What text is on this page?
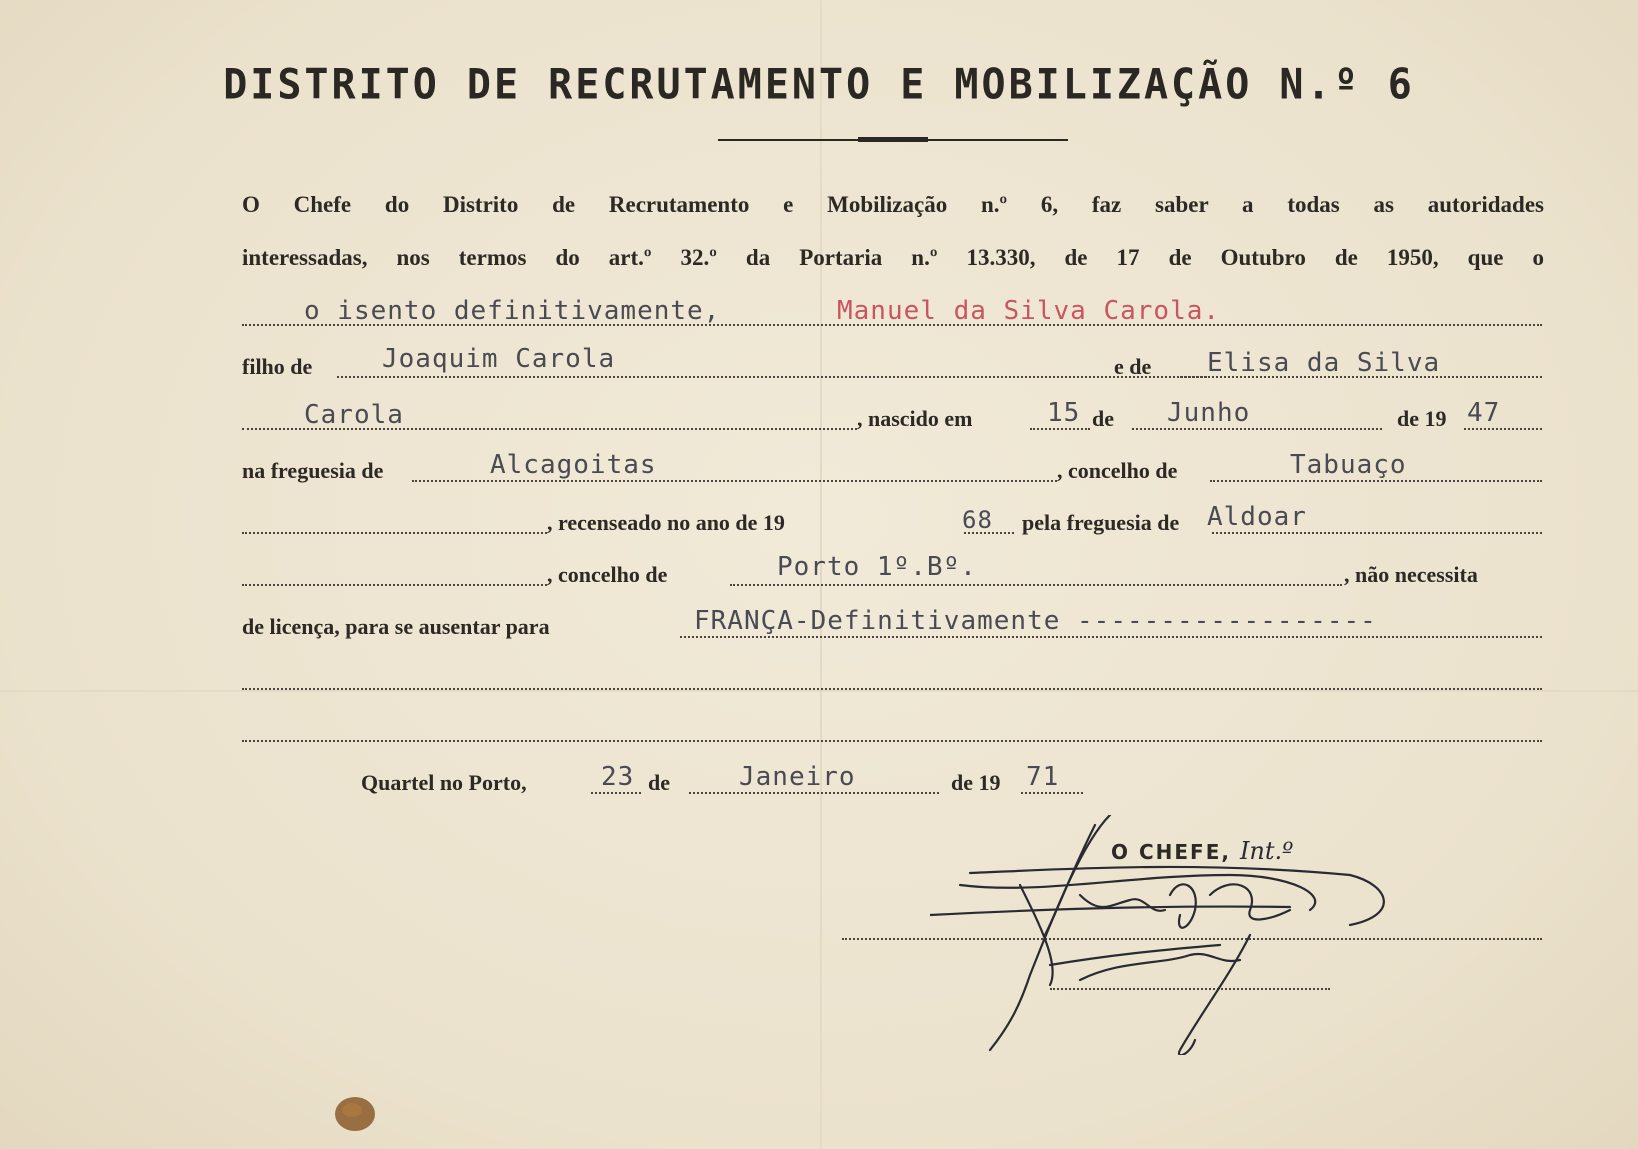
DISTRITO DE RECRUTAMENTO E MOBILIZAÇÃO N.º 6
O Chefe do Distrito de Recrutamento e Mobilização n.º 6, faz saber a todas as autoridades
interessadas, nos termos do art.º 32.º da Portaria n.º 13.330, de 17 de Outubro de 1950, que o
o isento definitivamente,	Manuel da Silva Carola.
filho de	Joaquim Carola	e de Elisa da Silva
Carola	, nascido em	15 de Junho	de 19 47
na freguesia de	Alcagoitas	, concelho de	Tabuaço
, recenseado no ano de 19	68 pela freguesia de Aldoar
, concelho de	Porto 1º.Bº.	, não necessita
de licença, para se ausentar para	FRANÇA-Definitivamente ------------------
Quartel no Porto,	23 de	Janeiro	de 19 71
O CHEFE, Int.º
